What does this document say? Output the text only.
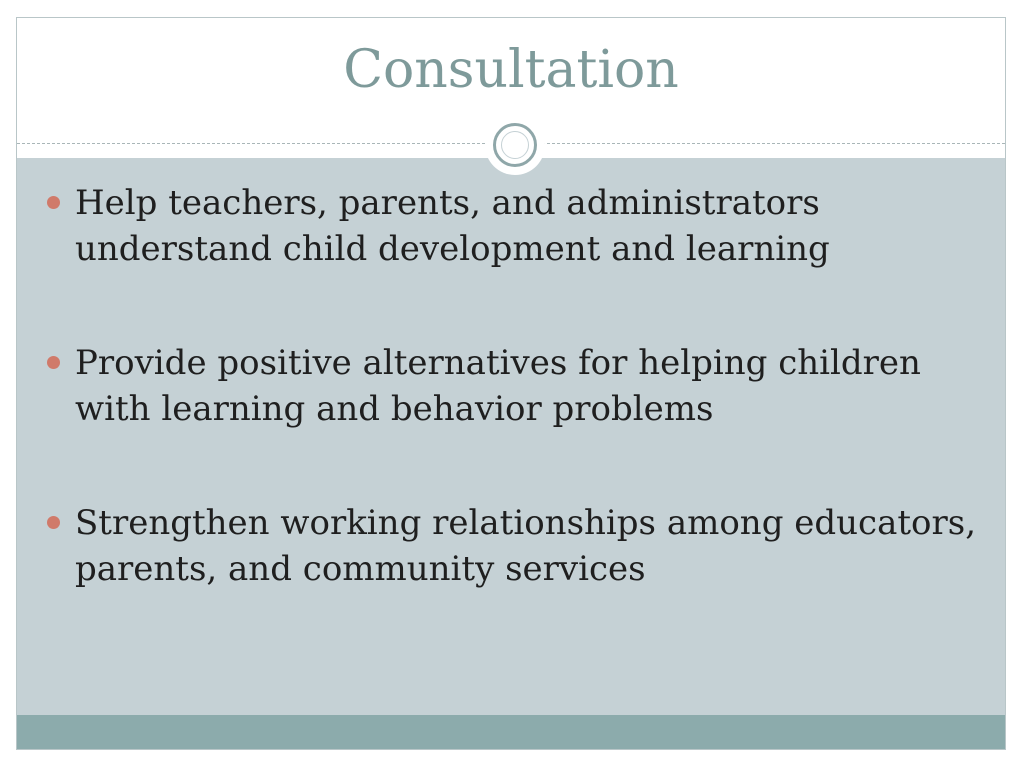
Consultation
Help teachers, parents, and administrators understand child development and learning
Provide positive alternatives for helping children with learning and behavior problems
Strengthen working relationships among educators, parents, and community services
